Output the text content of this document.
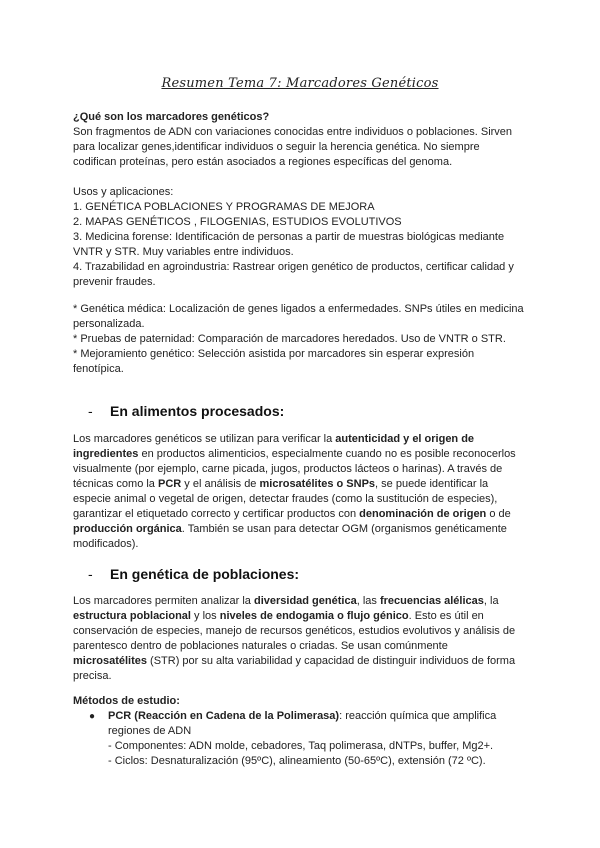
Resumen Tema 7: Marcadores Genéticos
¿Qué son los marcadores genéticos?
Son fragmentos de ADN con variaciones conocidas entre individuos o poblaciones. Sirven
para localizar genes,identificar individuos o seguir la herencia genética. No siempre
codifican proteínas, pero están asociados a regiones específicas del genoma.
Usos y aplicaciones:
1. GENÉTICA POBLACIONES Y PROGRAMAS DE MEJORA
2. MAPAS GENÉTICOS , FILOGENIAS, ESTUDIOS EVOLUTIVOS
3. Medicina forense: Identificación de personas a partir de muestras biológicas mediante
VNTR y STR. Muy variables entre individuos.
4. Trazabilidad en agroindustria: Rastrear origen genético de productos, certificar calidad y
prevenir fraudes.
* Genética médica: Localización de genes ligados a enfermedades. SNPs útiles en medicina
personalizada.
* Pruebas de paternidad: Comparación de marcadores heredados. Uso de VNTR o STR.
* Mejoramiento genético: Selección asistida por marcadores sin esperar expresión
fenotípica.
- En alimentos procesados:
Los marcadores genéticos se utilizan para verificar la autenticidad y el origen de
ingredientes en productos alimenticios, especialmente cuando no es posible reconocerlos
visualmente (por ejemplo, carne picada, jugos, productos lácteos o harinas). A través de
técnicas como la PCR y el análisis de microsatélites o SNPs, se puede identificar la
especie animal o vegetal de origen, detectar fraudes (como la sustitución de especies),
garantizar el etiquetado correcto y certificar productos con denominación de origen o de
producción orgánica. También se usan para detectar OGM (organismos genéticamente
modificados).
- En genética de poblaciones:
Los marcadores permiten analizar la diversidad genética, las frecuencias alélicas, la
estructura poblacional y los niveles de endogamia o flujo génico. Esto es útil en
conservación de especies, manejo de recursos genéticos, estudios evolutivos y análisis de
parentesco dentro de poblaciones naturales o criadas. Se usan comúnmente
microsatélites (STR) por su alta variabilidad y capacidad de distinguir individuos de forma
precisa.
Métodos de estudio:
● PCR (Reacción en Cadena de la Polimerasa): reacción química que amplifica
regiones de ADN
- Componentes: ADN molde, cebadores, Taq polimerasa, dNTPs, buffer, Mg2+.
- Ciclos: Desnaturalización (95ºC), alineamiento (50-65ºC), extensión (72 ºC).
